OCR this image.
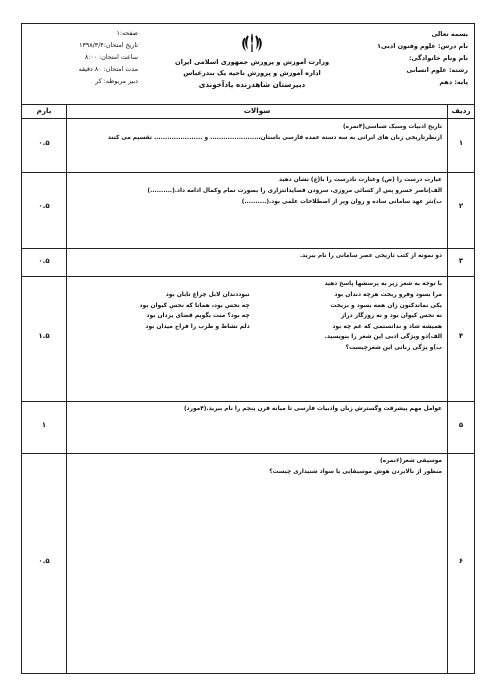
بسمه تعالی
نام درس: علوم وفنون ادبی۱
نام ونام خانوادگی:
رشته: علوم انسانی
پایه: دهم
وزارت آموزش و پرورش جمهوری اسلامی ایران
اداره آموزش و پرورش ناحیه یک بندرعباس
دبیرستان شاهدزنده یادآخوندی
صفحه:۱
تاریخ امتحان:۱۳۹۸/۳/۴
ساعت امتحان: ۸:۰۰
مدت امتحان: ۸۰ دقیقه
دبیر مربوطه: کر
ردیف
سوالات
بارم
۱
تاریخ ادبیات وسبک شناسی(۴نمره)
ازنظرتاریخی زبان های ایرانی به سه دسته عمده فارسی باستان،...................... و ...................... تقسیم می کنند
۰.۵
۲
عبارت درست را (ص) وعبارت نادرست را با(غ) نشان دهید
الف)ناصر خسرو پس از کسائی مروزی، سرودن قصایدانتزاری را بصورت تمام وکمال ادامه داد.(..........)
ب)نثر عهد سامانی ساده و روان وپر از اصطلاحات علمی بود.(..........)
۰.۵
۳
دو نمونه از کتب تاریخی عصر سامانی را نام ببرید.
۰.۵
۴
با توجه به شعر زیر به پرسشها پاسخ دهید
مرا بسود وفرو ریخت هرچه دندان بود
یکی نماندکنون زان همه بسود و بریخت
نه نحس کیوان بود و نه روزگار دراز
همیشه شاد و ندانستمی که غم چه بود
الف)دو ویژگی ادبی این شعر را بنویسید.
ب)و یژگی زبانی این شعرچیست؟
نبوددندان لابل چراغ تابان بود
چه نحس بود، همانا که نحس کیوان بود
چه بود؟ منت بگویم قضای یزدان بود
دلم نشاط و طرب را فراخ میدان بود
۱.۵
۵
عوامل مهم پیشرفت وگسترش زبان وادبیات فارسی تا میانه قرن پنجم را نام ببرید.(۴مورد)
۱
۶
موسیقی شعر(۶نمره)
منظور از بالابردن هوش موسیقایی یا سواد شنیداری چیست؟
۰.۵
